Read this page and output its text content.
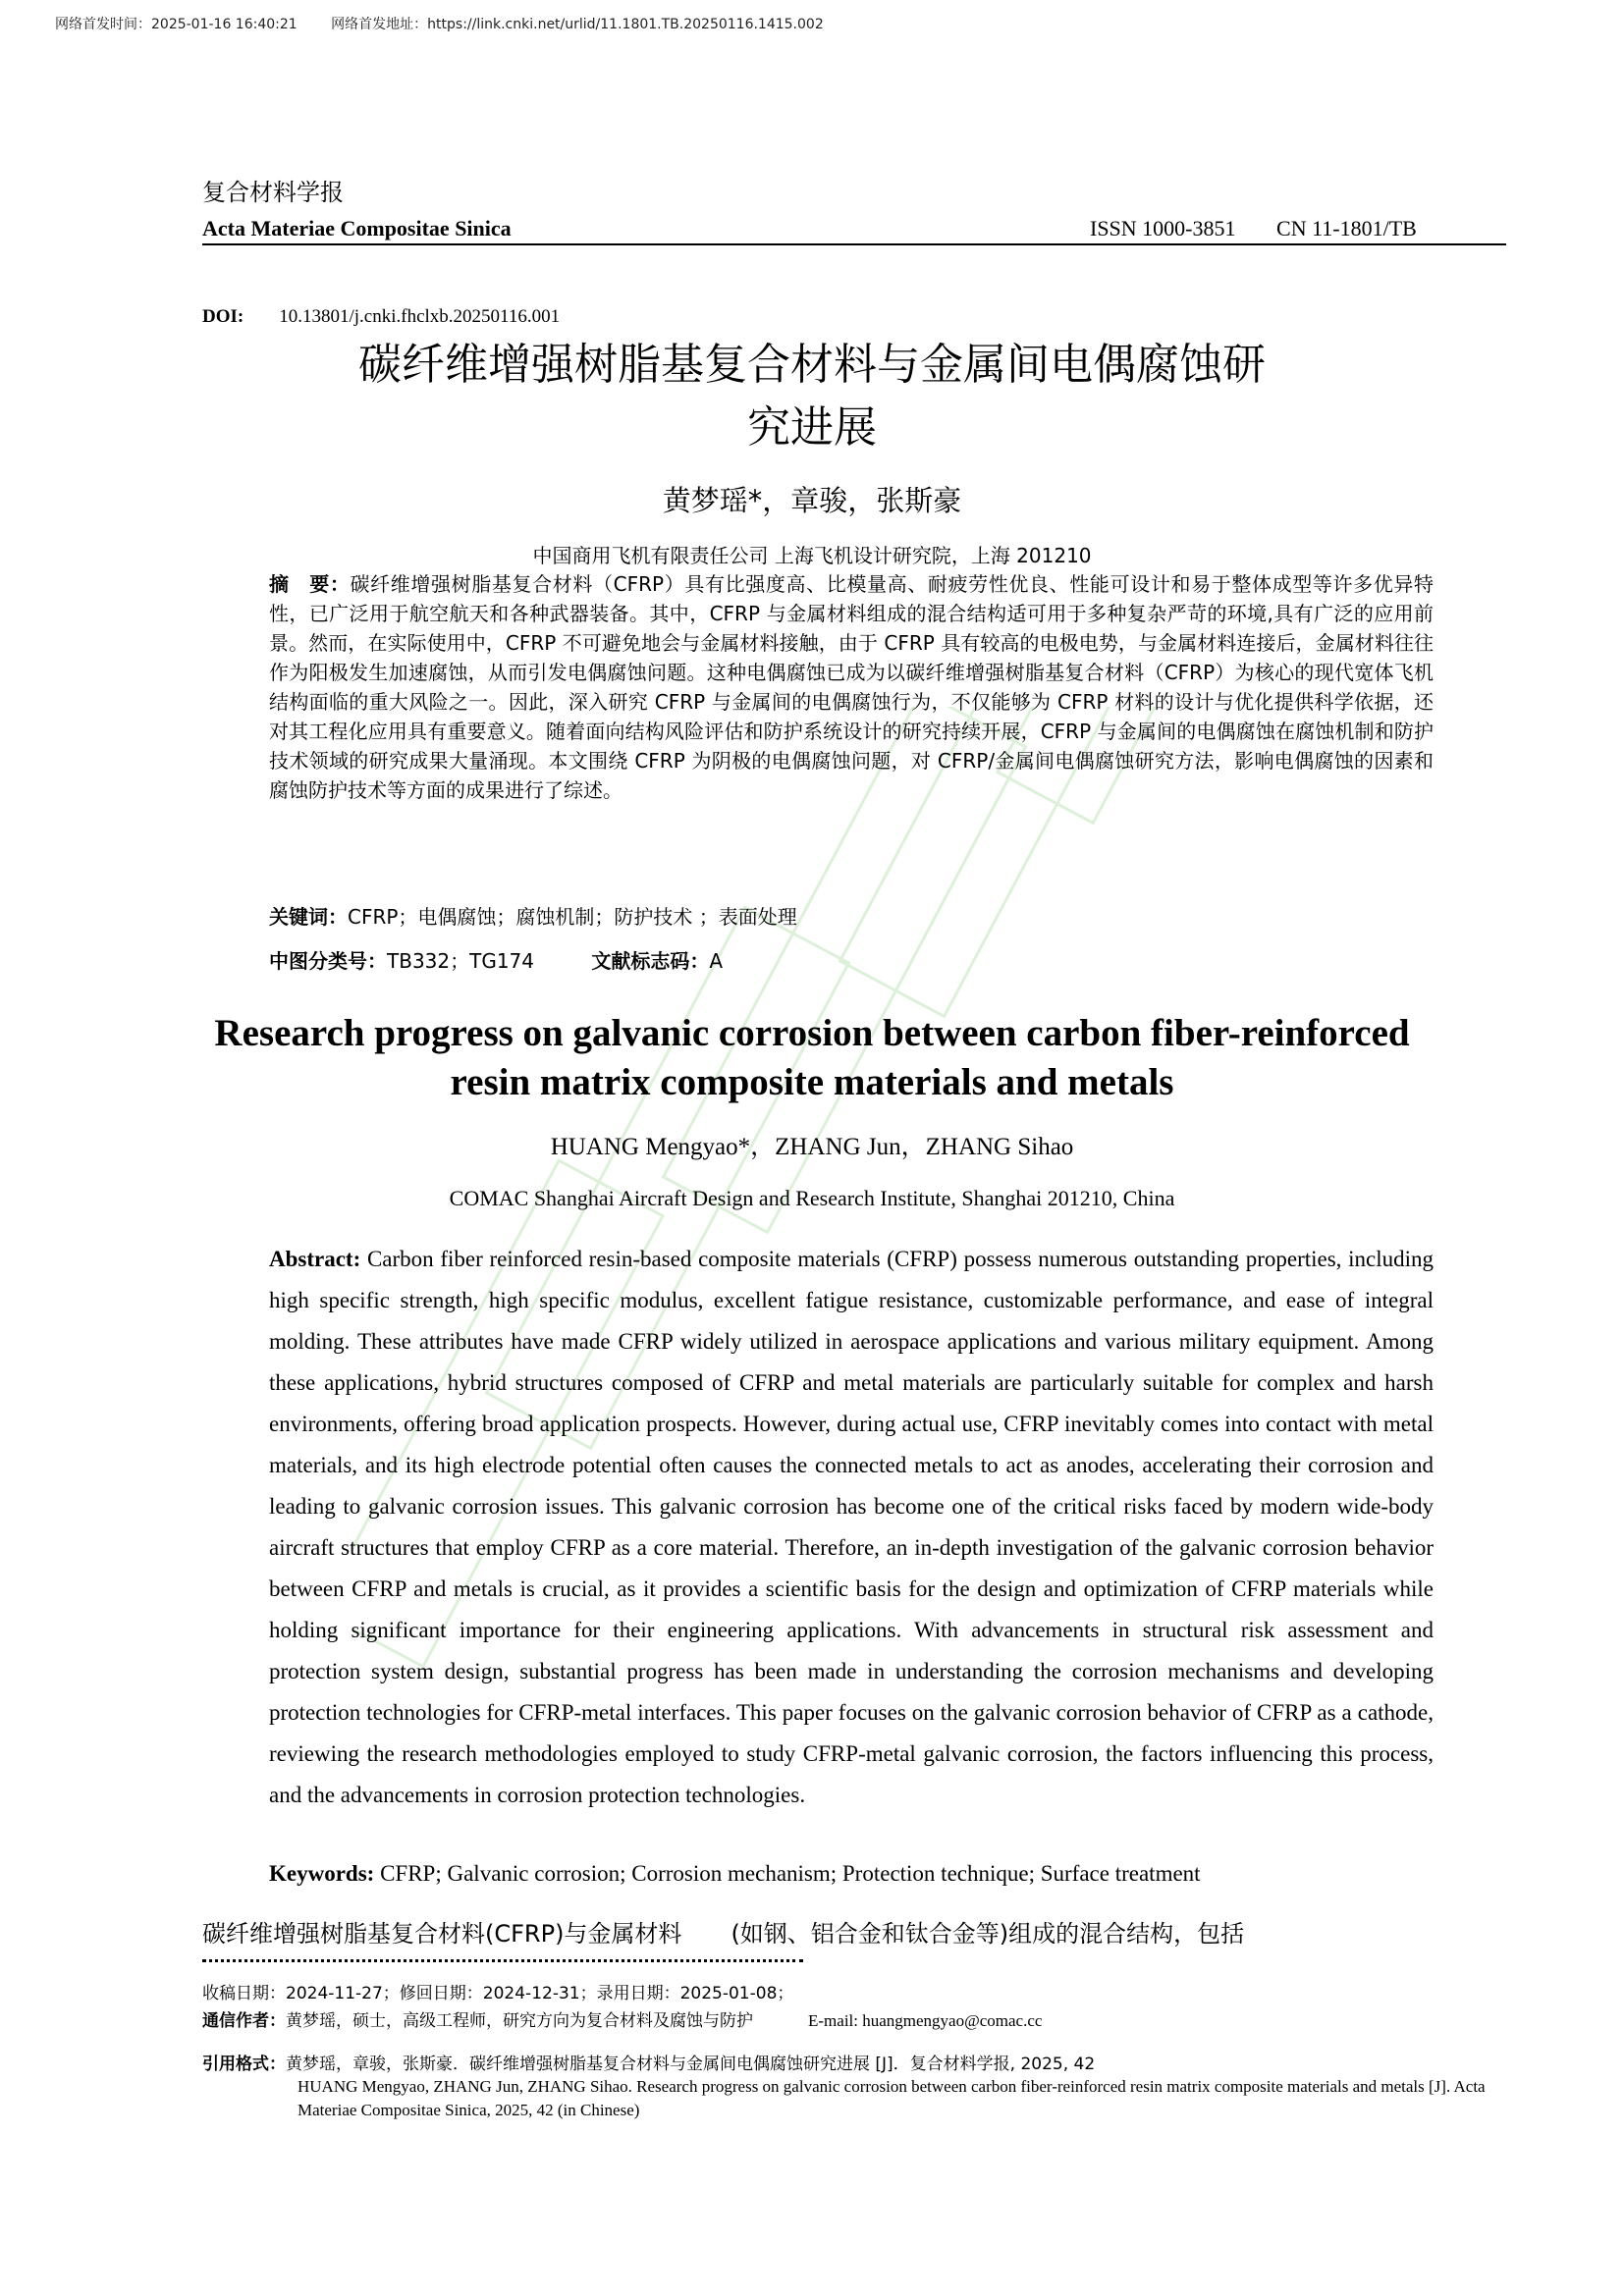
网络首发时间：2025-01-16 16:40:21 网络首发地址：https://link.cnki.net/urlid/11.1801.TB.20250116.1415.002
复合材料学报
Acta Materiae Compositae Sinica	ISSN 1000-3851 CN 11-1801/TB
DOI: 10.13801/j.cnki.fhclxb.20250116.001
碳纤维增强树脂基复合材料与金属间电偶腐蚀研
究进展
黄梦瑶*，章骏，张斯豪
中国商用飞机有限责任公司 上海飞机设计研究院，上海 201210

摘　要：碳纤维增强树脂基复合材料（CFRP）具有比强度高、比模量高、耐疲劳性优良、性能可设计和易于整体成型等许多优异特性，已广泛用于航空航天和各种武器装备。其中，CFRP 与金属材料组成的混合结构适可用于多种复杂严苛的环境,具有广泛的应用前景。然而，在实际使用中，CFRP 不可避免地会与金属材料接触，由于 CFRP 具有较高的电极电势，与金属材料连接后，金属材料往往作为阳极发生加速腐蚀，从而引发电偶腐蚀问题。这种电偶腐蚀已成为以碳纤维增强树脂基复合材料（CFRP）为核心的现代宽体飞机结构面临的重大风险之一。因此，深入研究 CFRP 与金属间的电偶腐蚀行为，不仅能够为 CFRP 材料的设计与优化提供科学依据，还对其工程化应用具有重要意义。随着面向结构风险评估和防护系统设计的研究持续开展，CFRP 与金属间的电偶腐蚀在腐蚀机制和防护技术领域的研究成果大量涌现。本文围绕 CFRP 为阴极的电偶腐蚀问题，对 CFRP/金属间电偶腐蚀研究方法，影响电偶腐蚀的因素和腐蚀防护技术等方面的成果进行了综述。

关键词：CFRP；电偶腐蚀；腐蚀机制；防护技术 ；表面处理
中图分类号：TB332；TG174	文献标志码：A
Research progress on galvanic corrosion between carbon fiber-reinforced
resin matrix composite materials and metals
HUANG Mengyao*，ZHANG Jun，ZHANG Sihao
COMAC Shanghai Aircraft Design and Research Institute, Shanghai 201210, China

Abstract: Carbon fiber reinforced resin-based composite materials (CFRP) possess numerous outstanding properties, including high specific strength, high specific modulus, excellent fatigue resistance, customizable performance, and ease of integral molding. These attributes have made CFRP widely utilized in aerospace applications and various military equipment. Among these applications, hybrid structures composed of CFRP and metal materials are particularly suitable for complex and harsh environments, offering broad application prospects. However, during actual use, CFRP inevitably comes into contact with metal materials, and its high electrode potential often causes the connected metals to act as anodes, accelerating their corrosion and leading to galvanic corrosion issues. This galvanic corrosion has become one of the critical risks faced by modern wide-body aircraft structures that employ CFRP as a core material. Therefore, an in-depth investigation of the galvanic corrosion behavior between CFRP and metals is crucial, as it provides a scientific basis for the design and optimization of CFRP materials while holding significant importance for their engineering applications. With advancements in structural risk assessment and protection system design, substantial progress has been made in understanding the corrosion mechanisms and developing protection technologies for CFRP-metal interfaces. This paper focuses on the galvanic corrosion behavior of CFRP as a cathode, reviewing the research methodologies employed to study CFRP-metal galvanic corrosion, the factors influencing this process, and the advancements in corrosion protection technologies.

Keywords: CFRP; Galvanic corrosion; Corrosion mechanism; Protection technique; Surface treatment
碳纤维增强树脂基复合材料(CFRP)与金属材料 (如钢、铝合金和钛合金等)组成的混合结构，包括
收稿日期：2024-11-27；修回日期：2024-12-31；录用日期：2025-01-08；
通信作者：黄梦瑶，硕士，高级工程师，研究方向为复合材料及腐蚀与防护	E-mail: huangmengyao@comac.cc
引用格式：黄梦瑶，章骏，张斯豪．碳纤维增强树脂基复合材料与金属间电偶腐蚀研究进展 [J]．复合材料学报, 2025, 42
HUANG Mengyao, ZHANG Jun, ZHANG Sihao. Research progress on galvanic corrosion between carbon fiber-reinforced resin matrix composite materials and metals [J]. Acta Materiae Compositae Sinica, 2025, 42 (in Chinese)
